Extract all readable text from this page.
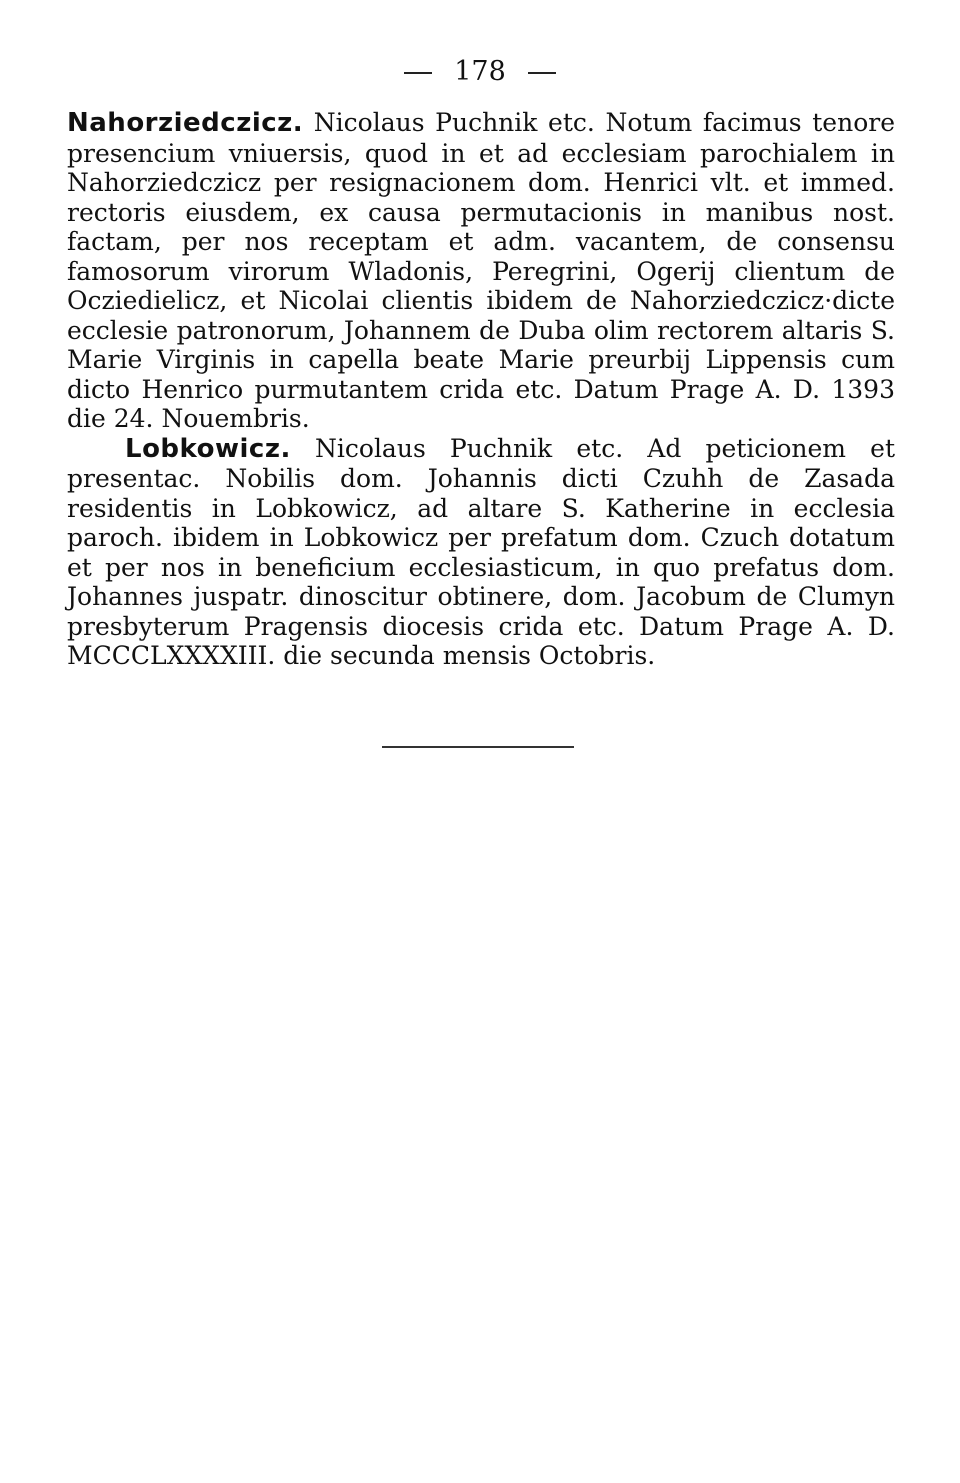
178

Nahorziedczicz. Nicolaus Puchnik etc. Notum facimus tenore presencium vniuersis, quod in et ad ecclesiam parochialem in Nahorziedczicz per resignacionem dom. Henrici vlt. et immed. rectoris eiusdem, ex causa permutacionis in manibus nost. factam, per nos receptam et adm. vacantem, de consensu famosorum virorum Wladonis, Peregrini, Ogerij clientum de Ocziedielicz, et Nicolai clientis ibidem de Nahorziedczicz·dicte ecclesie patronorum, Johannem de Duba olim rectorem altaris S. Marie Virginis in capella beate Marie preurbij Lippensis cum dicto Henrico purmutantem crida etc. Datum Prage A. D. 1393 die 24. Nouembris.

Lobkowicz. Nicolaus Puchnik etc. Ad peticionem et presentac. Nobilis dom. Johannis dicti Czuhh de Zasada residentis in Lobkowicz, ad altare S. Katherine in ecclesia paroch. ibidem in Lobkowicz per prefatum dom. Czuch dotatum et per nos in beneficium ecclesiasticum, in quo prefatus dom. Johannes juspatr. dinoscitur obtinere, dom. Jacobum de Clumyn presbyterum Pragensis diocesis crida etc. Datum Prage A. D. MCCCLXXXXIII. die secunda mensis Octobris.
